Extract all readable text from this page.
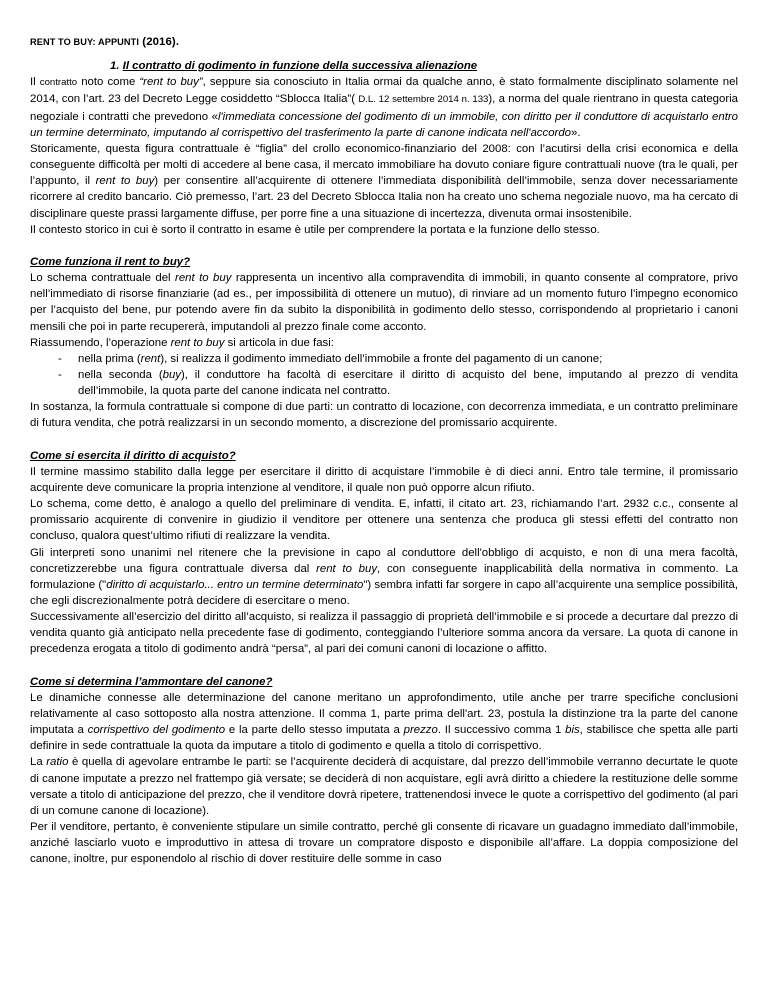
RENT TO BUY: APPUNTI (2016).
1. Il contratto di godimento in funzione della successiva alienazione

Il contratto noto come “rent to buy”, seppure sia conosciuto in Italia ormai da qualche anno, è stato formalmente disciplinato solamente nel 2014, con l’art. 23 del Decreto Legge cosiddetto “Sblocca Italia”( D.L. 12 settembre 2014 n. 133), a norma del quale rientrano in questa categoria negoziale i contratti che prevedono «l'immediata concessione del godimento di un immobile, con diritto per il conduttore di acquistarlo entro un termine determinato, imputando al corrispettivo del trasferimento la parte di canone indicata nell'accordo».

Storicamente, questa figura contrattuale è “figlia” del crollo economico-finanziario del 2008: con l’acutirsi della crisi economica e della conseguente difficoltà per molti di accedere al bene casa, il mercato immobiliare ha dovuto coniare figure contrattuali nuove (tra le quali, per l’appunto, il rent to buy) per consentire all’acquirente di ottenere l’immediata disponibilità dell’immobile, senza dover necessariamente ricorrere al credito bancario. Ciò premesso, l’art. 23 del Decreto Sblocca Italia non ha creato uno schema negoziale nuovo, ma ha cercato di disciplinare queste prassi largamente diffuse, per porre fine a una situazione di incertezza, divenuta ormai insostenibile.

Il contesto storico in cui è sorto il contratto in esame è utile per comprendere la portata e la funzione dello stesso.

Come funziona il rent to buy?

Lo schema contrattuale del rent to buy rappresenta un incentivo alla compravendita di immobili, in quanto consente al compratore, privo nell’immediato di risorse finanziarie (ad es., per impossibilità di ottenere un mutuo), di rinviare ad un momento futuro l’impegno economico per l’acquisto del bene, pur potendo avere fin da subito la disponibilità in godimento dello stesso, corrispondendo al proprietario i canoni mensili che poi in parte recupererà, imputandoli al prezzo finale come acconto.

Riassumendo, l’operazione rent to buy si articola in due fasi:

- nella prima (rent), si realizza il godimento immediato dell’immobile a fronte del pagamento di un canone;
- nella seconda (buy), il conduttore ha facoltà di esercitare il diritto di acquisto del bene, imputando al prezzo di vendita dell’immobile, la quota parte del canone indicata nel contratto.

In sostanza, la formula contrattuale si compone di due parti: un contratto di locazione, con decorrenza immediata, e un contratto preliminare di futura vendita, che potrà realizzarsi in un secondo momento, a discrezione del promissario acquirente.

Come si esercita il diritto di acquisto?

Il termine massimo stabilito dalla legge per esercitare il diritto di acquistare l’immobile è di dieci anni. Entro tale termine, il promissario acquirente deve comunicare la propria intenzione al venditore, il quale non può opporre alcun rifiuto.

Lo schema, come detto, è analogo a quello del preliminare di vendita. E, infatti, il citato art. 23, richiamando l’art. 2932 c.c., consente al promissario acquirente di convenire in giudizio il venditore per ottenere una sentenza che produca gli stessi effetti del contratto non concluso, qualora quest’ultimo rifiuti di realizzare la vendita.

Gli interpreti sono unanimi nel ritenere che la previsione in capo al conduttore dell'obbligo di acquisto, e non di una mera facoltà, concretizzerebbe una figura contrattuale diversa dal rent to buy, con conseguente inapplicabilità della normativa in commento. La formulazione ("diritto di acquistarlo... entro un termine determinato") sembra infatti far sorgere in capo all’acquirente una semplice possibilità, che egli discrezionalmente potrà decidere di esercitare o meno.

Successivamente all’esercizio del diritto all’acquisto, si realizza il passaggio di proprietà dell’immobile e si procede a decurtare dal prezzo di vendita quanto già anticipato nella precedente fase di godimento, conteggiando l’ulteriore somma ancora da versare. La quota di canone in precedenza erogata a titolo di godimento andrà “persa”, al pari dei comuni canoni di locazione o affitto.

Come si determina l’ammontare del canone?

Le dinamiche connesse alle determinazione del canone meritano un approfondimento, utile anche per trarre specifiche conclusioni relativamente al caso sottoposto alla nostra attenzione. Il comma 1, parte prima dell'art. 23, postula la distinzione tra la parte del canone imputata a corrispettivo del godimento e la parte dello stesso imputata a prezzo. Il successivo comma 1 bis, stabilisce che spetta alle parti definire in sede contrattuale la quota da imputare a titolo di godimento e quella a titolo di corrispettivo.

La ratio è quella di agevolare entrambe le parti: se l’acquirente deciderà di acquistare, dal prezzo dell’immobile verranno decurtate le quote di canone imputate a prezzo nel frattempo già versate; se deciderà di non acquistare, egli avrà diritto a chiedere la restituzione delle somme versate a titolo di anticipazione del prezzo, che il venditore dovrà ripetere, trattenendosi invece le quote a corrispettivo del godimento (al pari di un comune canone di locazione).

Per il venditore, pertanto, è conveniente stipulare un simile contratto, perché gli consente di ricavare un guadagno immediato dall’immobile, anziché lasciarlo vuoto e improduttivo in attesa di trovare un compratore disposto e disponibile all’affare. La doppia composizione del canone, inoltre, pur esponendolo al rischio di dover restituire delle somme in caso
